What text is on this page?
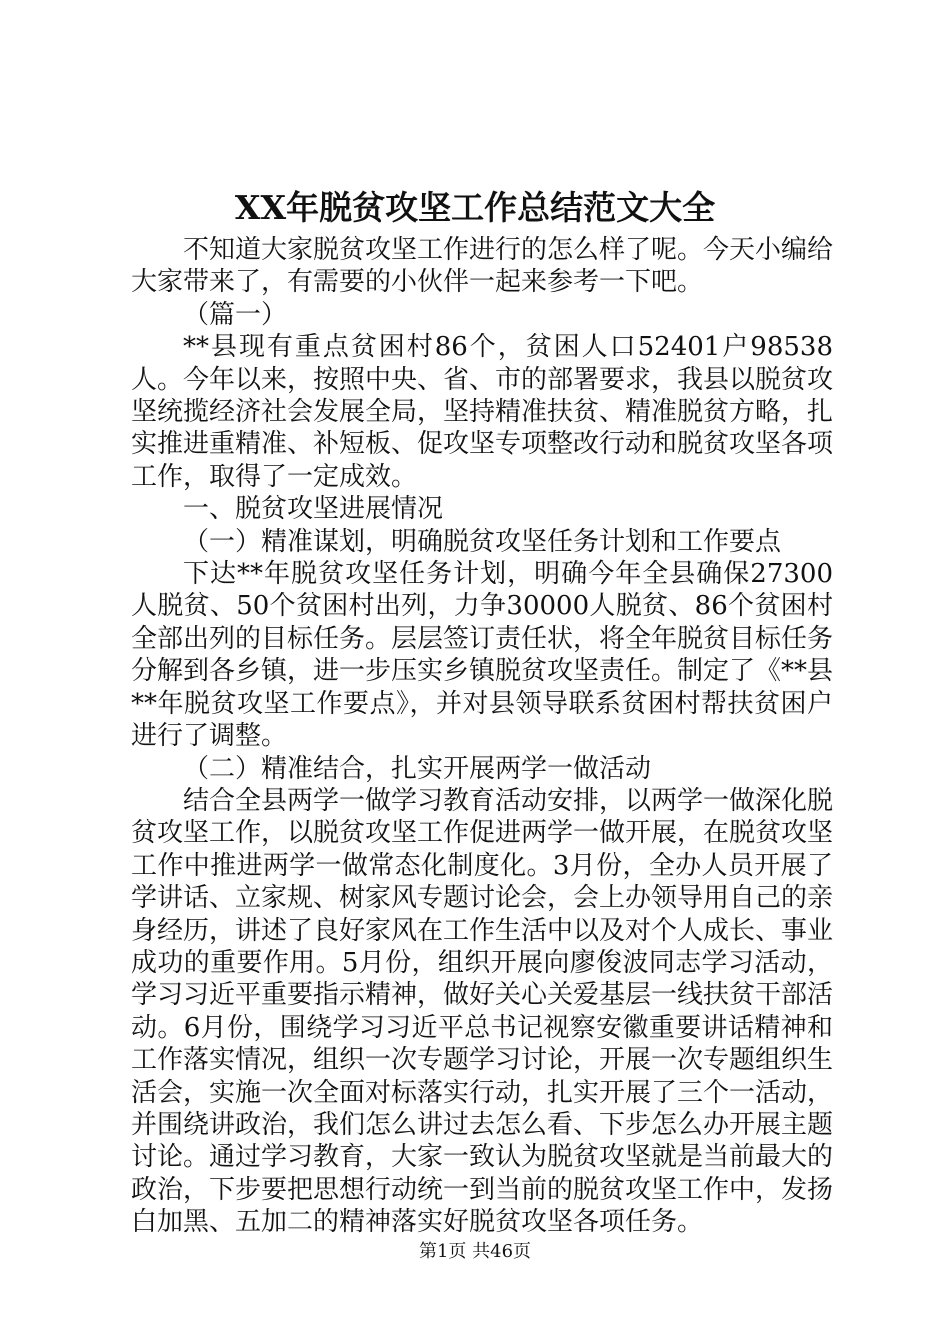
XX年脱贫攻坚工作总结范文大全

不知道大家脱贫攻坚工作进行的怎么样了呢。今天小编给大家带来了，有需要的小伙伴一起来参考一下吧。

（篇一）

**县现有重点贫困村86个，贫困人口52401户98538人。今年以来，按照中央、省、市的部署要求，我县以脱贫攻坚统揽经济社会发展全局，坚持精准扶贫、精准脱贫方略，扎实推进重精准、补短板、促攻坚专项整改行动和脱贫攻坚各项工作，取得了一定成效。

一、脱贫攻坚进展情况

（一）精准谋划，明确脱贫攻坚任务计划和工作要点

下达**年脱贫攻坚任务计划，明确今年全县确保27300人脱贫、50个贫困村出列，力争30000人脱贫、86个贫困村全部出列的目标任务。层层签订责任状，将全年脱贫目标任务分解到各乡镇，进一步压实乡镇脱贫攻坚责任。制定了《**县**年脱贫攻坚工作要点》，并对县领导联系贫困村帮扶贫困户进行了调整。

（二）精准结合，扎实开展两学一做活动

结合全县两学一做学习教育活动安排，以两学一做深化脱贫攻坚工作，以脱贫攻坚工作促进两学一做开展，在脱贫攻坚工作中推进两学一做常态化制度化。3月份，全办人员开展了学讲话、立家规、树家风专题讨论会，会上办领导用自己的亲身经历，讲述了良好家风在工作生活中以及对个人成长、事业成功的重要作用。5月份，组织开展向廖俊波同志学习活动，学习习近平重要指示精神，做好关心关爱基层一线扶贫干部活动。6月份，围绕学习习近平总书记视察安徽重要讲话精神和工作落实情况，组织一次专题学习讨论，开展一次专题组织生活会，实施一次全面对标落实行动，扎实开展了三个一活动，并围绕讲政治，我们怎么讲过去怎么看、下步怎么办开展主题讨论。通过学习教育，大家一致认为脱贫攻坚就是当前最大的政治，下步要把思想行动统一到当前的脱贫攻坚工作中，发扬白加黑、五加二的精神落实好脱贫攻坚各项任务。

第1页 共46页
